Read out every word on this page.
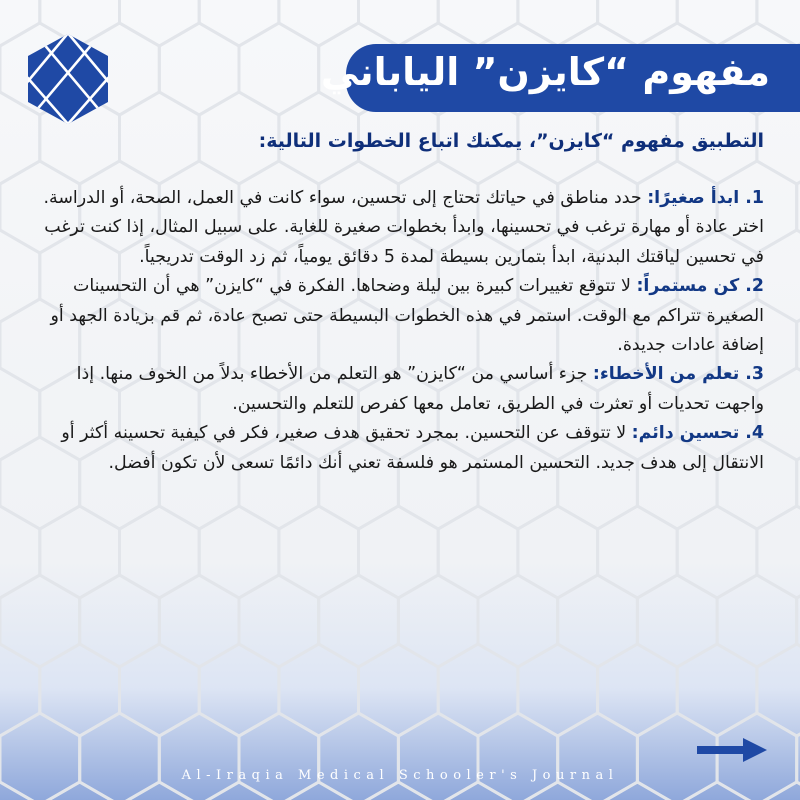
مفهوم “كايزن” الياباني
التطبيق مفهوم “كايزن”، يمكنك اتباع الخطوات التالية:

1. ابدأ صغيرًا: حدد مناطق في حياتك تحتاج إلى تحسين، سواء كانت في العمل، الصحة، أو الدراسة. اختر عادة أو مهارة ترغب في تحسينها، وابدأ بخطوات صغيرة للغاية. على سبيل المثال، إذا كنت ترغب في تحسين لياقتك البدنية، ابدأ بتمارين بسيطة لمدة 5 دقائق يومياً، ثم زد الوقت تدريجياً.

2. كن مستمراً: لا تتوقع تغييرات كبيرة بين ليلة وضحاها. الفكرة في “كايزن” هي أن التحسينات الصغيرة تتراكم مع الوقت. استمر في هذه الخطوات البسيطة حتى تصبح عادة، ثم قم بزيادة الجهد أو إضافة عادات جديدة.

3. تعلم من الأخطاء: جزء أساسي من “كايزن” هو التعلم من الأخطاء بدلاً من الخوف منها. إذا واجهت تحديات أو تعثرت في الطريق، تعامل معها كفرص للتعلم والتحسين.

4. تحسين دائم: لا تتوقف عن التحسين. بمجرد تحقيق هدف صغير، فكر في كيفية تحسينه أكثر أو الانتقال إلى هدف جديد. التحسين المستمر هو فلسفة تعني أنك دائمًا تسعى لأن تكون أفضل.

Al-Iraqia Medical Schooler's Journal
